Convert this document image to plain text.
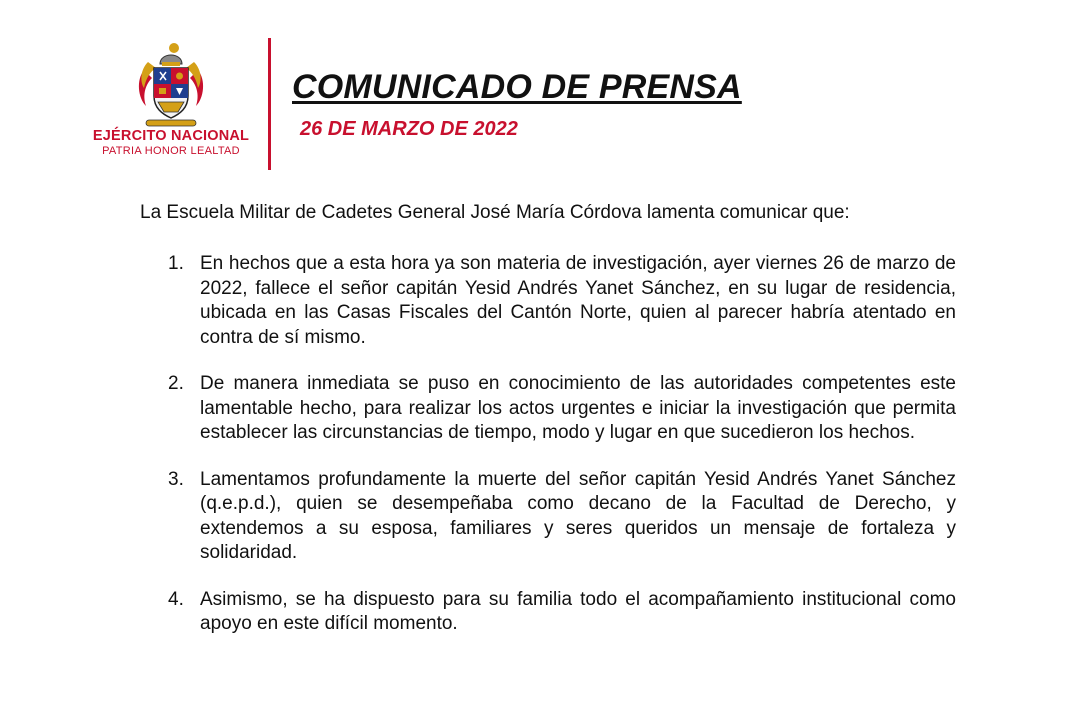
EJÉRCITO NACIONAL
PATRIA HONOR LEALTAD
COMUNICADO DE PRENSA
26 DE MARZO DE 2022
La Escuela Militar de Cadetes General José María Córdova lamenta comunicar que:
1. En hechos que a esta hora ya son materia de investigación, ayer viernes 26 de marzo de 2022, fallece el señor capitán Yesid Andrés Yanet Sánchez, en su lugar de residencia, ubicada en las Casas Fiscales del Cantón Norte, quien al parecer habría atentado en contra de sí mismo.
2. De manera inmediata se puso en conocimiento de las autoridades competentes este lamentable hecho, para realizar los actos urgentes e iniciar la investigación que permita establecer las circunstancias de tiempo, modo y lugar en que sucedieron los hechos.
3. Lamentamos profundamente la muerte del señor capitán Yesid Andrés Yanet Sánchez (q.e.p.d.), quien se desempeñaba como decano de la Facultad de Derecho, y extendemos a su esposa, familiares y seres queridos un mensaje de fortaleza y solidaridad.
4. Asimismo, se ha dispuesto para su familia todo el acompañamiento institucional como apoyo en este difícil momento.
